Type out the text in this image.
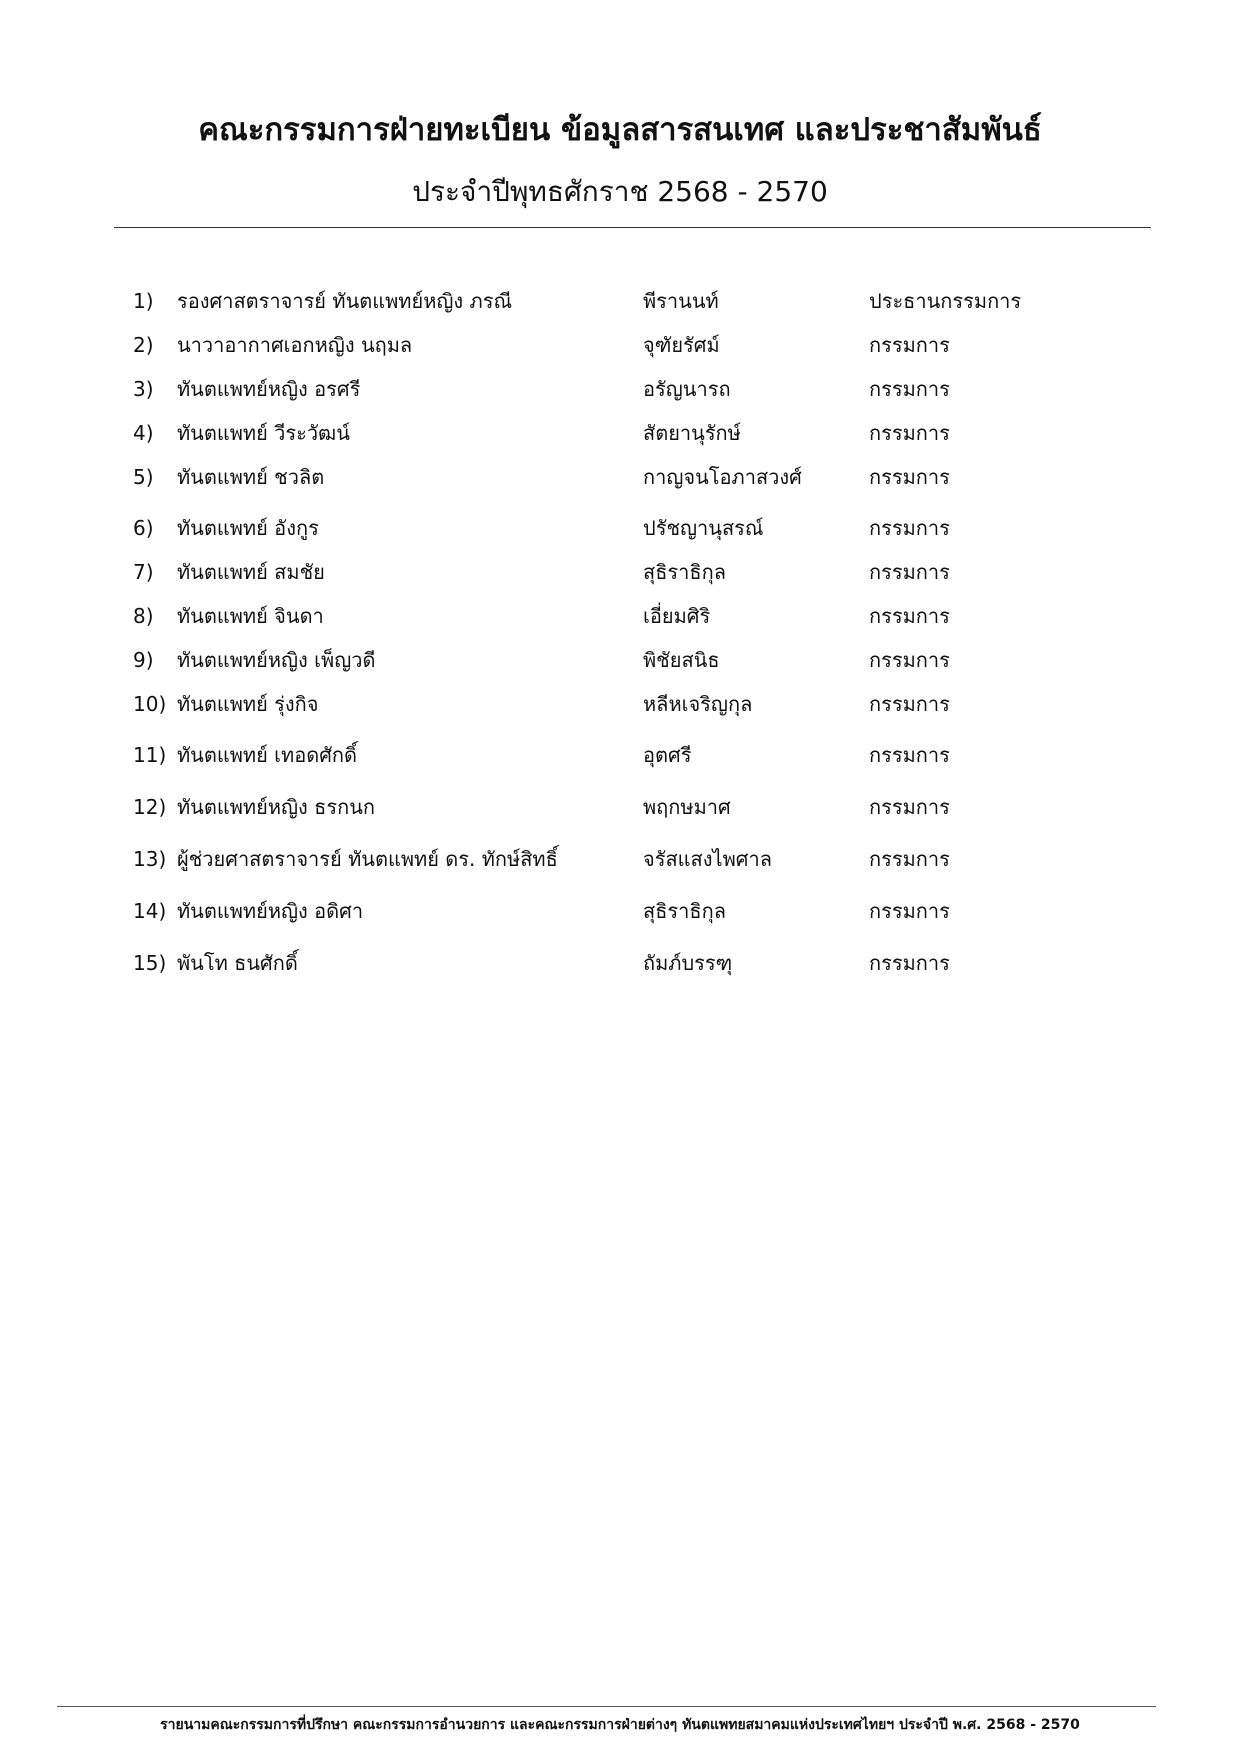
คณะกรรมการฝ่ายทะเบียน ข้อมูลสารสนเทศ และประชาสัมพันธ์
ประจำปีพุทธศักราช 2568 - 2570
1) รองศาสตราจารย์ ทันตแพทย์หญิง ภรณี	พีรานนท์	ประธานกรรมการ
2) นาวาอากาศเอกหญิง นฤมล	จุฑัยรัศม์	กรรมการ
3) ทันตแพทย์หญิง อรศรี	อรัญนารถ	กรรมการ
4) ทันตแพทย์ วีระวัฒน์	สัตยานุรักษ์	กรรมการ
5) ทันตแพทย์ ชวลิต	กาญจนโอภาสวงศ์	กรรมการ
6) ทันตแพทย์ อังกูร	ปรัชญานุสรณ์	กรรมการ
7) ทันตแพทย์ สมชัย	สุธิราธิกุล	กรรมการ
8) ทันตแพทย์ จินดา	เอี่ยมศิริ	กรรมการ
9) ทันตแพทย์หญิง เพ็ญวดี	พิชัยสนิธ	กรรมการ
10) ทันตแพทย์ รุ่งกิจ	หลีหเจริญกุล	กรรมการ
11) ทันตแพทย์ เทอดศักดิ์	อุตศรี	กรรมการ
12) ทันตแพทย์หญิง ธรกนก	พฤกษมาศ	กรรมการ
13) ผู้ช่วยศาสตราจารย์ ทันตแพทย์ ดร. ทักษ์สิทธิ์	จรัสแสงไพศาล	กรรมการ
14) ทันตแพทย์หญิง อดิศา	สุธิราธิกุล	กรรมการ
15) พันโท ธนศักดิ์	ถัมภ์บรรฑุ	กรรมการ
รายนามคณะกรรมการที่ปรึกษา คณะกรรมการอำนวยการ และคณะกรรมการฝ่ายต่างๆ ทันตแพทยสมาคมแห่งประเทศไทยฯ ประจำปี พ.ศ. 2568 - 2570
